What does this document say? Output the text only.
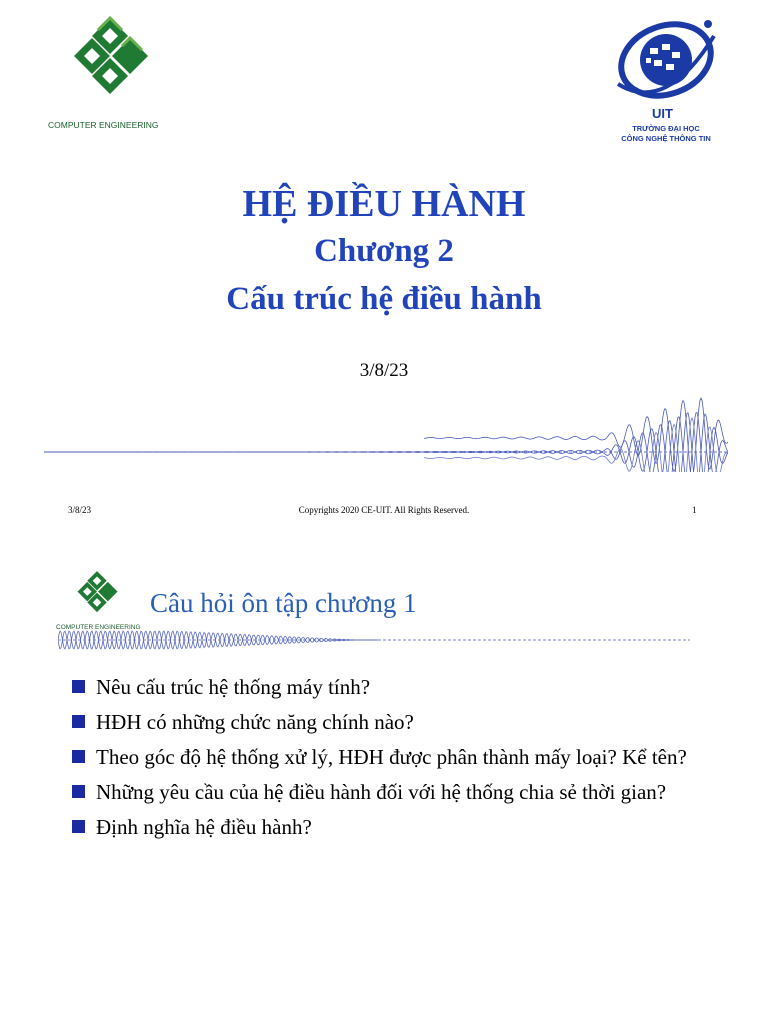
COMPUTER ENGINEERING
UIT
TRƯỜNG ĐẠI HỌC
CÔNG NGHỆ THÔNG TIN
HỆ ĐIỀU HÀNH
Chương 2
Cấu trúc hệ điều hành
3/8/23
3/8/23	Copyrights 2020 CE-UIT. All Rights Reserved.	1
COMPUTER ENGINEERING
Câu hỏi ôn tập chương 1
Nêu cấu trúc hệ thống máy tính?
HĐH có những chức năng chính nào?
Theo góc độ hệ thống xử lý, HĐH được phân thành mấy loại? Kể tên?
Những yêu cầu của hệ điều hành đối với hệ thống chia sẻ thời gian?
Định nghĩa hệ điều hành?
